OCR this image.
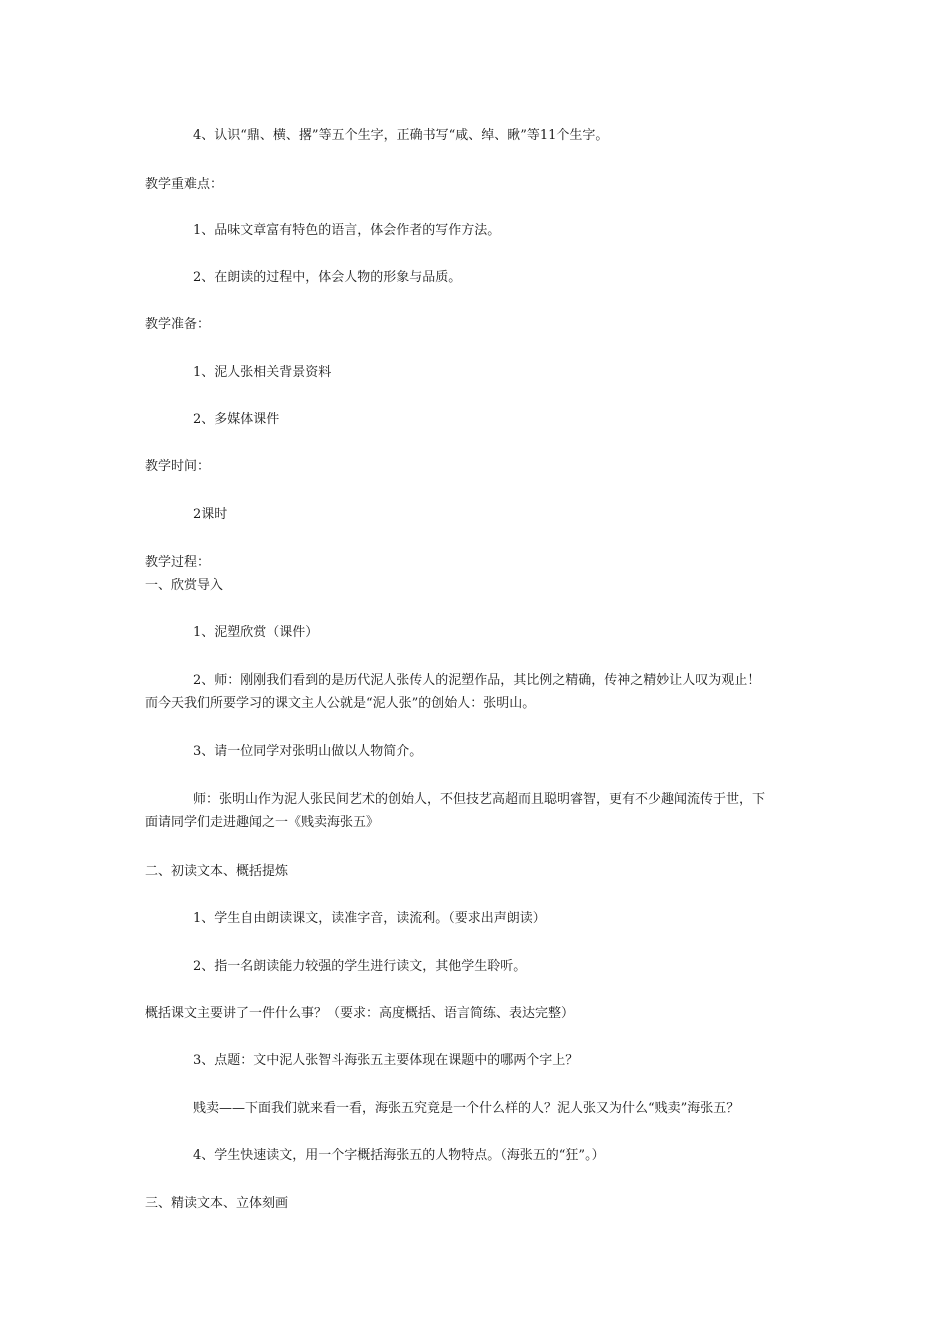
4、认识“鼎、横、撂”等五个生字，正确书写“咸、绰、瞅”等11个生字。
教学重难点：
1、品味文章富有特色的语言，体会作者的写作方法。
2、在朗读的过程中，体会人物的形象与品质。
教学准备：
1、泥人张相关背景资料
2、多媒体课件
教学时间：
2课时
教学过程：
一、欣赏导入
1、泥塑欣赏（课件）
2、师：刚刚我们看到的是历代泥人张传人的泥塑作品，其比例之精确，传神之精妙让人叹为观止！
而今天我们所要学习的课文主人公就是“泥人张”的创始人：张明山。
3、请一位同学对张明山做以人物简介。
师：张明山作为泥人张民间艺术的创始人，不但技艺高超而且聪明睿智，更有不少趣闻流传于世，下
面请同学们走进趣闻之一《贱卖海张五》
二、初读文本、概括提炼
1、学生自由朗读课文，读准字音，读流利。（要求出声朗读）
2、指一名朗读能力较强的学生进行读文，其他学生聆听。
概括课文主要讲了一件什么事？（要求：高度概括、语言简练、表达完整）
3、点题：文中泥人张智斗海张五主要体现在课题中的哪两个字上？
贱卖——下面我们就来看一看，海张五究竟是一个什么样的人？泥人张又为什么“贱卖”海张五？
4、学生快速读文，用一个字概括海张五的人物特点。（海张五的“狂”。）
三、精读文本、立体刻画
